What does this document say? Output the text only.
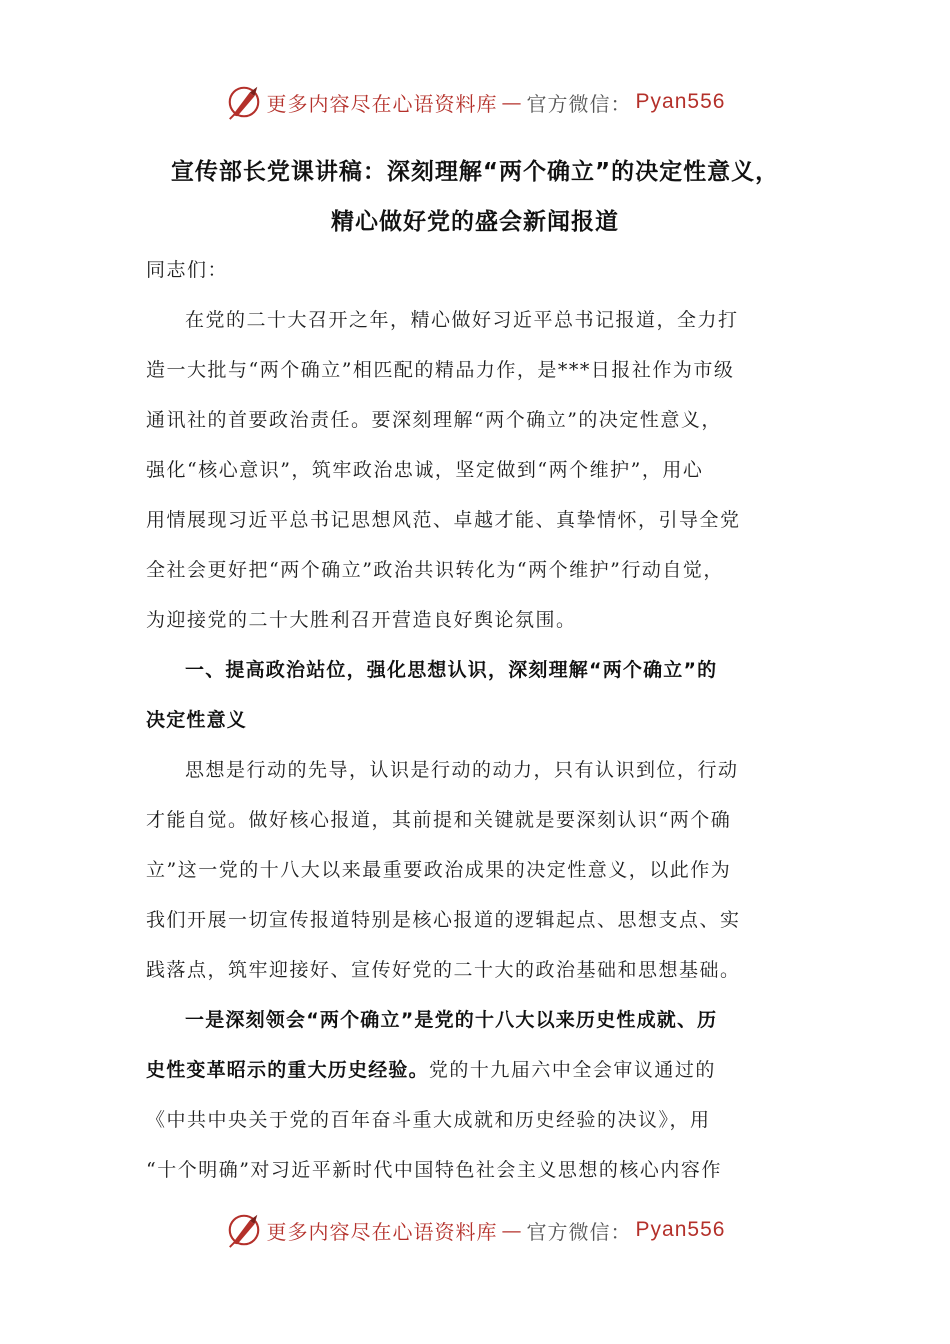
更多内容尽在心语资料库 — 官方微信： Pyan556
宣传部长党课讲稿：深刻理解“两个确立”的决定性意义，
精心做好党的盛会新闻报道
同志们：
在党的二十大召开之年，精心做好习近平总书记报道，全力打
造一大批与“两个确立”相匹配的精品力作，是***日报社作为市级
通讯社的首要政治责任。要深刻理解“两个确立”的决定性意义，
强化“核心意识”，筑牢政治忠诚，坚定做到“两个维护”，用心
用情展现习近平总书记思想风范、卓越才能、真挚情怀，引导全党
全社会更好把“两个确立”政治共识转化为“两个维护”行动自觉，
为迎接党的二十大胜利召开营造良好舆论氛围。
一、提高政治站位，强化思想认识，深刻理解“两个确立”的
决定性意义
思想是行动的先导，认识是行动的动力，只有认识到位，行动
才能自觉。做好核心报道，其前提和关键就是要深刻认识“两个确
立”这一党的十八大以来最重要政治成果的决定性意义，以此作为
我们开展一切宣传报道特别是核心报道的逻辑起点、思想支点、实
践落点，筑牢迎接好、宣传好党的二十大的政治基础和思想基础。
一是深刻领会“两个确立”是党的十八大以来历史性成就、历
史性变革昭示的重大历史经验。党的十九届六中全会审议通过的
《中共中央关于党的百年奋斗重大成就和历史经验的决议》，用
“十个明确”对习近平新时代中国特色社会主义思想的核心内容作
更多内容尽在心语资料库 — 官方微信： Pyan556
